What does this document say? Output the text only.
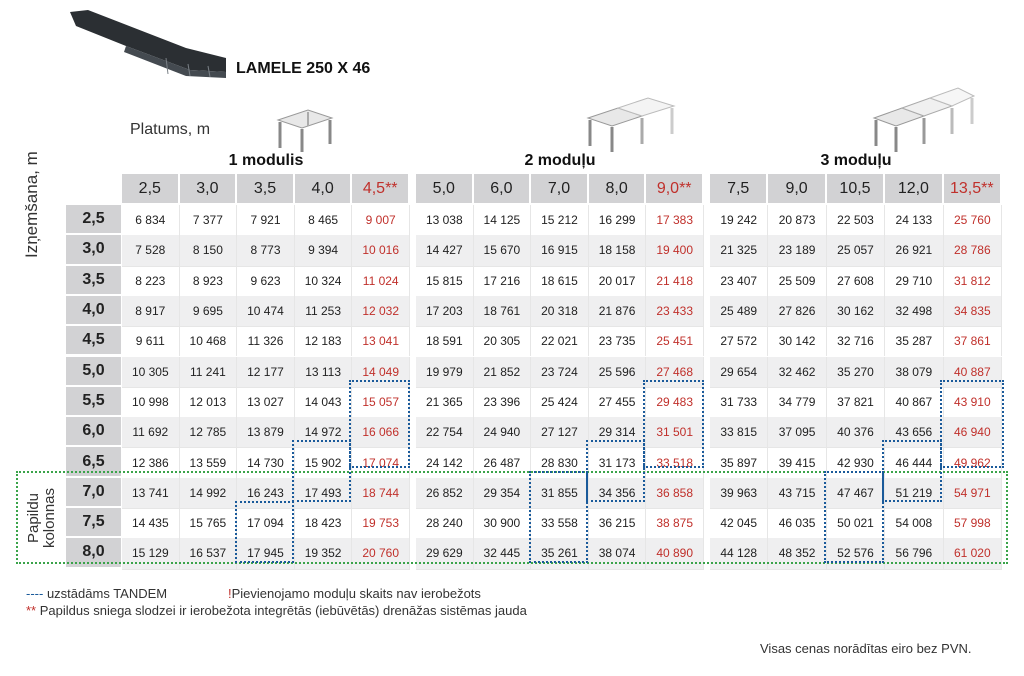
LAMELE 250 X 46
Platums, m
1 modulis	2 moduļu	3 moduļu
Izņemšana, m	2,5	3,0	3,5	4,0	4,5**	5,0	6,0	7,0	8,0	9,0**	7,5	9,0	10,5	12,0	13,5**
2,5	6 834	7 377	7 921	8 465	9 007	13 038	14 125	15 212	16 299	17 383	19 242	20 873	22 503	24 133	25 760
3,0	7 528	8 150	8 773	9 394	10 016	14 427	15 670	16 915	18 158	19 400	21 325	23 189	25 057	26 921	28 786
3,5	8 223	8 923	9 623	10 324	11 024	15 815	17 216	18 615	20 017	21 418	23 407	25 509	27 608	29 710	31 812
4,0	8 917	9 695	10 474	11 253	12 032	17 203	18 761	20 318	21 876	23 433	25 489	27 826	30 162	32 498	34 835
4,5	9 611	10 468	11 326	12 183	13 041	18 591	20 305	22 021	23 735	25 451	27 572	30 142	32 716	35 287	37 861
5,0	10 305	11 241	12 177	13 113	14 049	19 979	21 852	23 724	25 596	27 468	29 654	32 462	35 270	38 079	40 887
5,5	10 998	12 013	13 027	14 043	15 057	21 365	23 396	25 424	27 455	29 483	31 733	34 779	37 821	40 867	43 910
6,0	11 692	12 785	13 879	14 972	16 066	22 754	24 940	27 127	29 314	31 501	33 815	37 095	40 376	43 656	46 940
6,5	12 386	13 559	14 730	15 902	17 074	24 142	26 487	28 830	31 173	33 518	35 897	39 415	42 930	46 444	49 962
7,0	13 741	14 992	16 243	17 493	18 744	26 852	29 354	31 855	34 356	36 858	39 963	43 715	47 467	51 219	54 971
7,5	14 435	15 765	17 094	18 423	19 753	28 240	30 900	33 558	36 215	38 875	42 045	46 035	50 021	54 008	57 998
8,0	15 129	16 537	17 945	19 352	20 760	29 629	32 445	35 261	38 074	40 890	44 128	48 352	52 576	56 796	61 020
Papildu kolonnas
---- uzstādāms TANDEM	!Pievienojamo moduļu skaits nav ierobežots
** Papildus sniega slodzei ir ierobežota integrētās (iebūvētās) drenāžas sistēmas jauda
Visas cenas norādītas eiro bez PVN.
